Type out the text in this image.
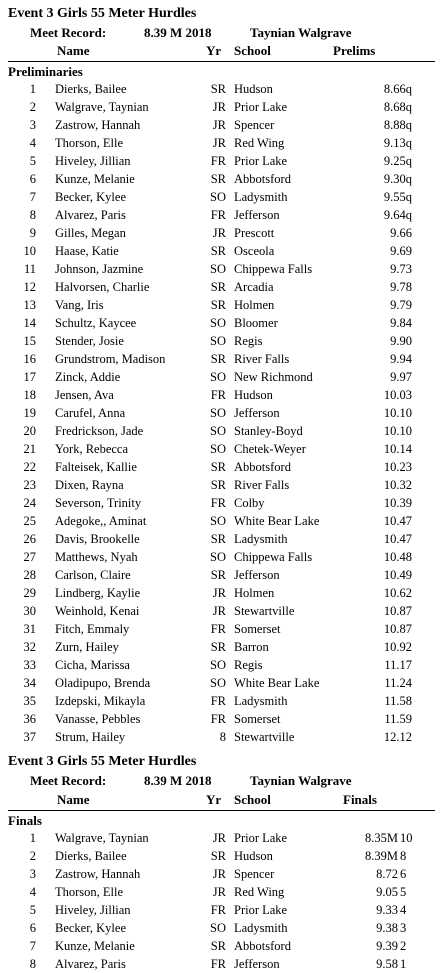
Event 3 Girls 55 Meter Hurdles
Meet Record:	8.39 M 2018	Taynian Walgrave
Name	Yr School	Prelims
Preliminaries
1 Dierks, Bailee	SR Hudson	8.66q
2 Walgrave, Taynian	JR Prior Lake	8.68q
3 Zastrow, Hannah	JR Spencer	8.88q
4 Thorson, Elle	JR Red Wing	9.13q
5 Hiveley, Jillian	FR Prior Lake	9.25q
6 Kunze, Melanie	SR Abbotsford	9.30q
7 Becker, Kylee	SO Ladysmith	9.55q
8 Alvarez, Paris	FR Jefferson	9.64q
9 Gilles, Megan	JR Prescott	9.66
10 Haase, Katie	SR Osceola	9.69
11 Johnson, Jazmine	SO Chippewa Falls	9.73
12 Halvorsen, Charlie	SR Arcadia	9.78
13 Vang, Iris	SR Holmen	9.79
14 Schultz, Kaycee	SO Bloomer	9.84
15 Stender, Josie	SO Regis	9.90
16 Grundstrom, Madison	SR River Falls	9.94
17 Zinck, Addie	SO New Richmond	9.97
18 Jensen, Ava	FR Hudson	10.03
19 Carufel, Anna	SO Jefferson	10.10
20 Fredrickson, Jade	SO Stanley-Boyd	10.10
21 York, Rebecca	SO Chetek-Weyer	10.14
22 Falteisek, Kallie	SR Abbotsford	10.23
23 Dixen, Rayna	SR River Falls	10.32
24 Severson, Trinity	FR Colby	10.39
25 Adegoke,, Aminat	SO White Bear Lake	10.47
26 Davis, Brookelle	SR Ladysmith	10.47
27 Matthews, Nyah	SO Chippewa Falls	10.48
28 Carlson, Claire	SR Jefferson	10.49
29 Lindberg, Kaylie	JR Holmen	10.62
30 Weinhold, Kenai	JR Stewartville	10.87
31 Fitch, Emmaly	FR Somerset	10.87
32 Zurn, Hailey	SR Barron	10.92
33 Cicha, Marissa	SO Regis	11.17
34 Oladipupo, Brenda	SO White Bear Lake	11.24
35 Izdepski, Mikayla	FR Ladysmith	11.58
36 Vanasse, Pebbles	FR Somerset	11.59
37 Strum, Hailey	8 Stewartville	12.12
Event 3 Girls 55 Meter Hurdles
Meet Record:	8.39 M 2018	Taynian Walgrave
Name	Yr School	Finals
Finals
1 Walgrave, Taynian	JR Prior Lake	8.35M 10
2 Dierks, Bailee	SR Hudson	8.39M 8
3 Zastrow, Hannah	JR Spencer	8.72 6
4 Thorson, Elle	JR Red Wing	9.05 5
5 Hiveley, Jillian	FR Prior Lake	9.33 4
6 Becker, Kylee	SO Ladysmith	9.38 3
7 Kunze, Melanie	SR Abbotsford	9.39 2
8 Alvarez, Paris	FR Jefferson	9.58 1
